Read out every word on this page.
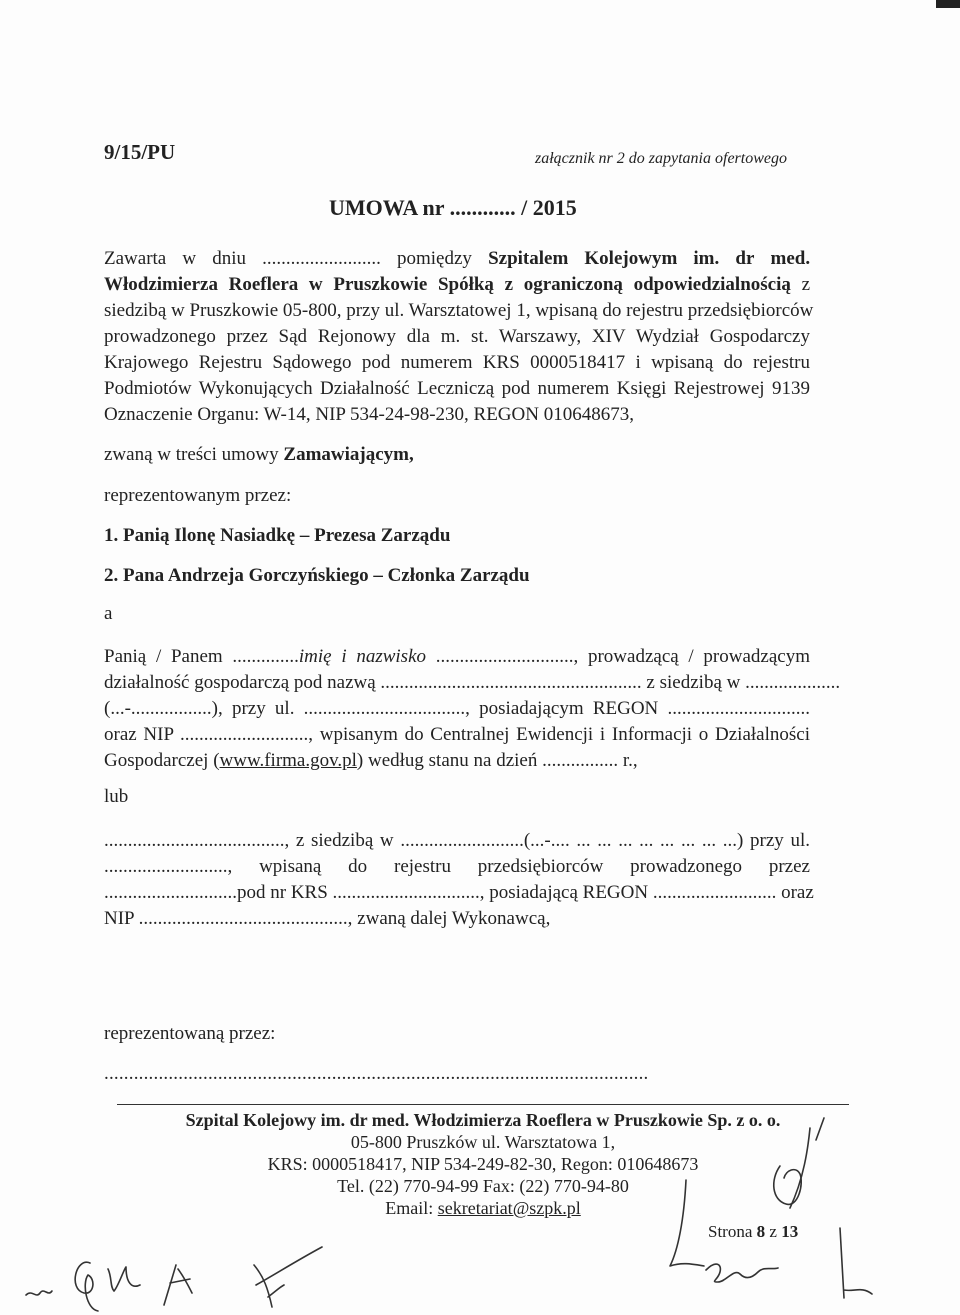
9/15/PU	załącznik nr 2 do zapytania ofertowego
UMOWA nr ............ / 2015
Zawarta w dniu ......................... pomiędzy Szpitalem Kolejowym im. dr med.
Włodzimierza Roeflera w Pruszkowie Spółką z ograniczoną odpowiedzialnością z
siedzibą w Pruszkowie 05-800, przy ul. Warsztatowej 1, wpisaną do rejestru przedsiębiorców
prowadzonego przez Sąd Rejonowy dla m. st. Warszawy, XIV Wydział Gospodarczy
Krajowego Rejestru Sądowego pod numerem KRS 0000518417 i wpisaną do rejestru
Podmiotów Wykonujących Działalność Leczniczą pod numerem Księgi Rejestrowej 9139
Oznaczenie Organu: W-14, NIP 534-24-98-230, REGON 010648673,
zwaną w treści umowy Zamawiającym,
reprezentowanym przez:
1. Panią Ilonę Nasiadkę – Prezesa Zarządu
2. Pana Andrzeja Gorczyńskiego – Członka Zarządu
a
Panią / Panem ..............imię i nazwisko ............................., prowadzącą / prowadzącym
działalność gospodarczą pod nazwą ....................................................... z siedzibą w ....................
(...-.................), przy ul. .................................., posiadającym REGON ..............................
oraz NIP ..........................., wpisanym do Centralnej Ewidencji i Informacji o Działalności
Gospodarczej (www.firma.gov.pl) według stanu na dzień ................ r.,
lub
......................................, z siedzibą w ..........................(...-.... ... ... ... ... ... ... ... ...) przy ul.
.........................., wpisaną do rejestru przedsiębiorców prowadzonego przez
............................pod nr KRS ..............................., posiadającą REGON .......................... oraz
NIP ............................................, zwaną dalej Wykonawcą,
reprezentowaną przez:
..............................................................................................................
Szpital Kolejowy im. dr med. Włodzimierza Roeflera w Pruszkowie Sp. z o. o.
05-800 Pruszków ul. Warsztatowa 1,
KRS: 0000518417, NIP 534-249-82-30, Regon: 010648673
Tel. (22) 770-94-99 Fax: (22) 770-94-80
Email: sekretariat@szpk.pl
Strona 8 z 13
